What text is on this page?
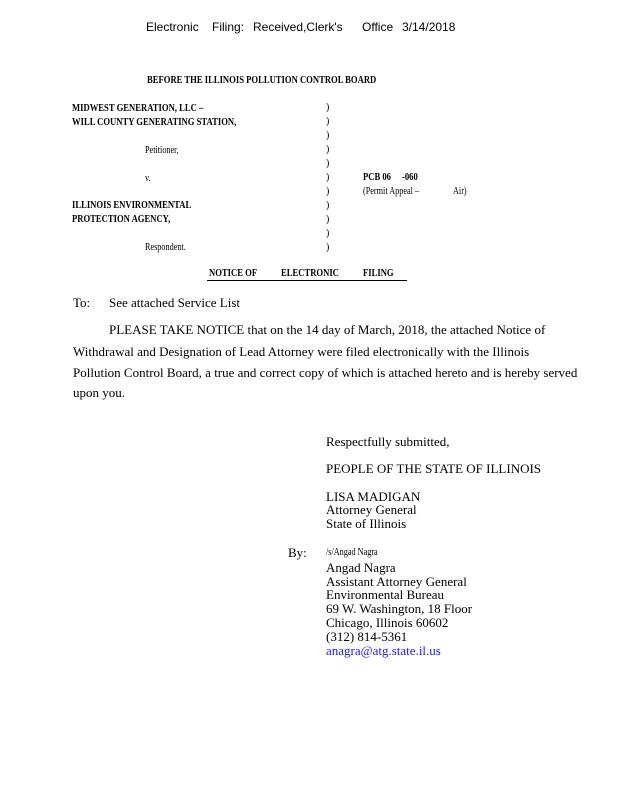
Electronic Filing: Received,Clerk's Office 3/14/2018
BEFORE THE ILLINOIS POLLUTION CONTROL BOARD
MIDWEST GENERATION, LLC –
WILL COUNTY GENERATING STATION,
Petitioner,
v.
ILLINOIS ENVIRONMENTAL
PROTECTION AGENCY,
Respondent.
)
)
)
)
)
)
)
)
)
)
)
PCB 06 -060
(Permit Appeal –	Air)
NOTICE OF ELECTRONIC FILING
To: See attached Service List
PLEASE TAKE NOTICE that on the 14 day of March, 2018, the attached Notice of
Withdrawal and Designation of Lead Attorney were filed electronically with the Illinois
Pollution Control Board, a true and correct copy of which is attached hereto and is hereby served
upon you.
Respectfully submitted,
PEOPLE OF THE STATE OF ILLINOIS
LISA MADIGAN
Attorney General
State of Illinois
By: /s/Angad Nagra
Angad Nagra
Assistant Attorney General
Environmental Bureau
69 W. Washington, 18 Floor
Chicago, Illinois 60602
(312) 814-5361
anagra@atg.state.il.us
